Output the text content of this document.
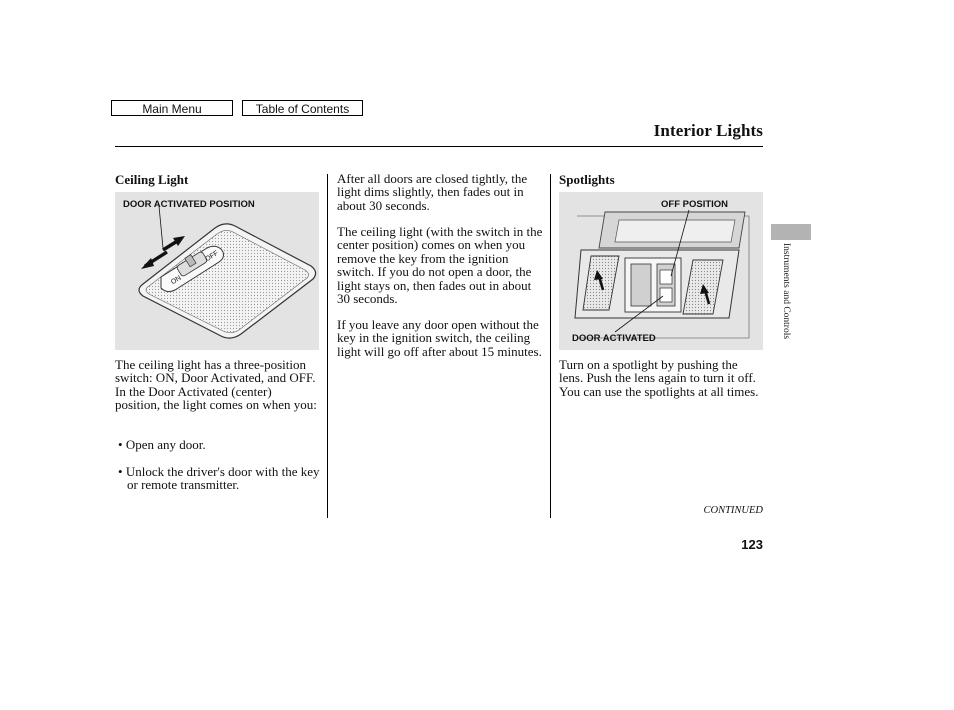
Main Menu	Table of Contents
Interior Lights
Ceiling Light
DOOR ACTIVATED POSITION
ON
OFF
The ceiling light has a three-position switch: ON, Door Activated, and OFF. In the Door Activated (center) position, the light comes on when you:
• Open any door.
• Unlock the driver's door with the key or remote transmitter.
After all doors are closed tightly, the light dims slightly, then fades out in about 30 seconds.
The ceiling light (with the switch in the center position) comes on when you remove the key from the ignition switch. If you do not open a door, the light stays on, then fades out in about 30 seconds.
If you leave any door open without the key in the ignition switch, the ceiling light will go off after about 15 minutes.
Spotlights
OFF POSITION
DOOR ACTIVATED
Turn on a spotlight by pushing the lens. Push the lens again to turn it off. You can use the spotlights at all times.
Instruments and Controls
CONTINUED
123
